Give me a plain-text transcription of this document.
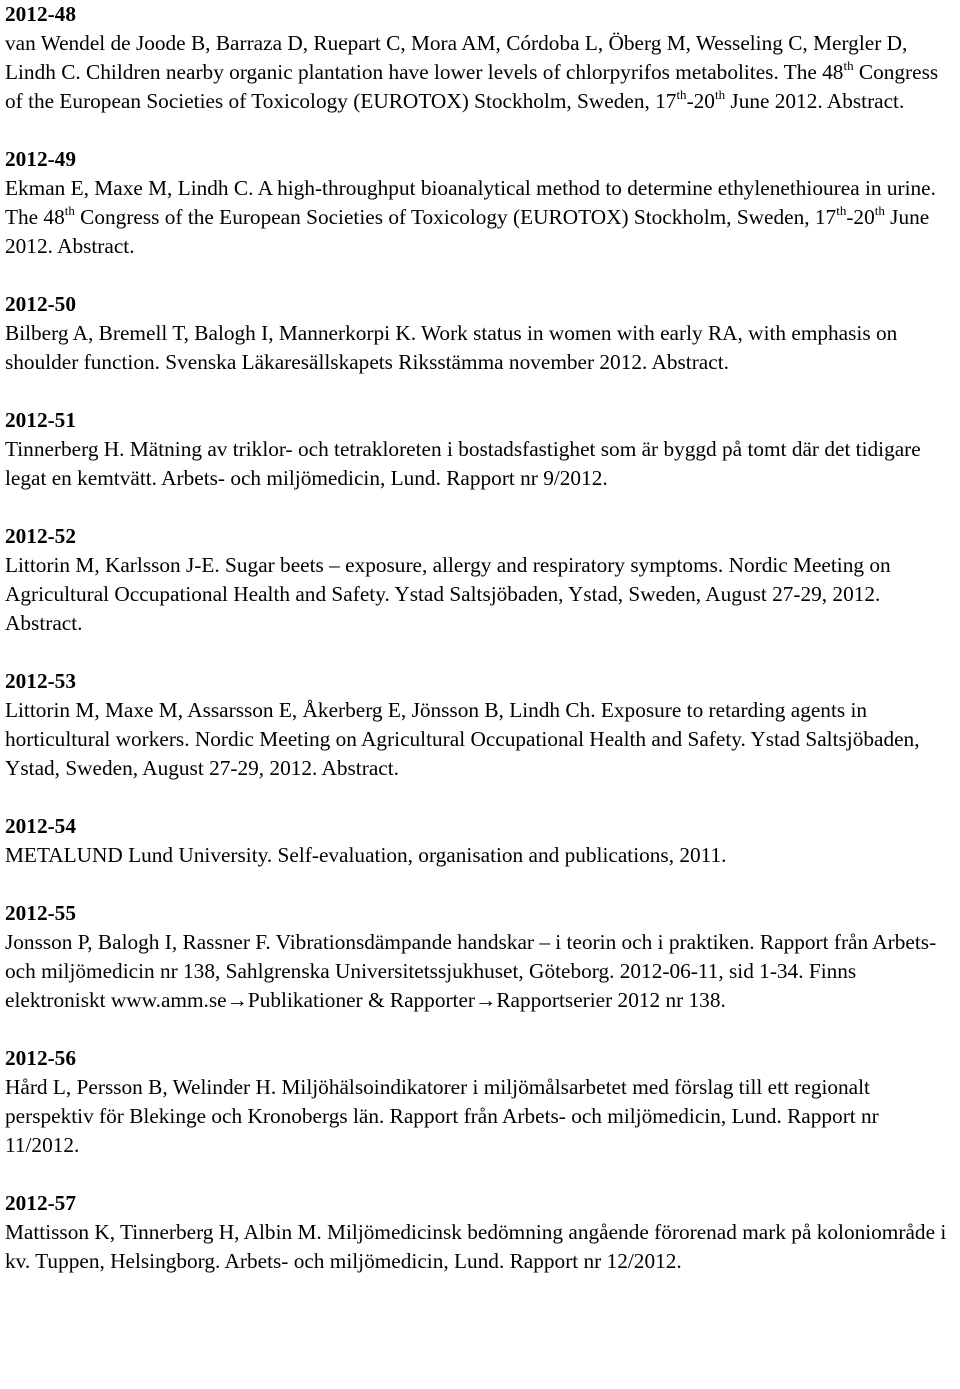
2012-48
van Wendel de Joode B, Barraza D, Ruepart C, Mora AM, Córdoba L, Öberg M, Wesseling C, Mergler D, Lindh C. Children nearby organic plantation have lower levels of chlorpyrifos metabolites. The 48th Congress of the European Societies of Toxicology (EUROTOX) Stockholm, Sweden, 17th-20th June 2012. Abstract.
2012-49
Ekman E, Maxe M, Lindh C. A high-throughput bioanalytical method to determine ethylenethiourea in urine. The 48th Congress of the European Societies of Toxicology (EUROTOX) Stockholm, Sweden, 17th-20th June 2012. Abstract.
2012-50
Bilberg A, Bremell T, Balogh I, Mannerkorpi K. Work status in women with early RA, with emphasis on shoulder function. Svenska Läkaresällskapets Riksstämma november 2012. Abstract.
2012-51
Tinnerberg H. Mätning av triklor- och tetrakloreten i bostadsfastighet som är byggd på tomt där det tidigare legat en kemtvätt. Arbets- och miljömedicin, Lund. Rapport nr 9/2012.
2012-52
Littorin M, Karlsson J-E. Sugar beets – exposure, allergy and respiratory symptoms. Nordic Meeting on Agricultural Occupational Health and Safety. Ystad Saltsjöbaden, Ystad, Sweden, August 27-29, 2012. Abstract.
2012-53
Littorin M, Maxe M, Assarsson E, Åkerberg E, Jönsson B, Lindh Ch. Exposure to retarding agents in horticultural workers. Nordic Meeting on Agricultural Occupational Health and Safety. Ystad Saltsjöbaden, Ystad, Sweden, August 27-29, 2012. Abstract.
2012-54
METALUND Lund University. Self-evaluation, organisation and publications, 2011.
2012-55
Jonsson P, Balogh I, Rassner F. Vibrationsdämpande handskar – i teorin och i praktiken. Rapport från Arbets- och miljömedicin nr 138, Sahlgrenska Universitetssjukhuset, Göteborg. 2012-06-11, sid 1-34. Finns elektroniskt www.amm.se→Publikationer & Rapporter→Rapportserier 2012 nr 138.
2012-56
Hård L, Persson B, Welinder H. Miljöhälsoindikatorer i miljömålsarbetet med förslag till ett regionalt perspektiv för Blekinge och Kronobergs län. Rapport från Arbets- och miljömedicin, Lund. Rapport nr 11/2012.
2012-57
Mattisson K, Tinnerberg H, Albin M. Miljömedicinsk bedömning angående förorenad mark på koloniområde i kv. Tuppen, Helsingborg. Arbets- och miljömedicin, Lund. Rapport nr 12/2012.
